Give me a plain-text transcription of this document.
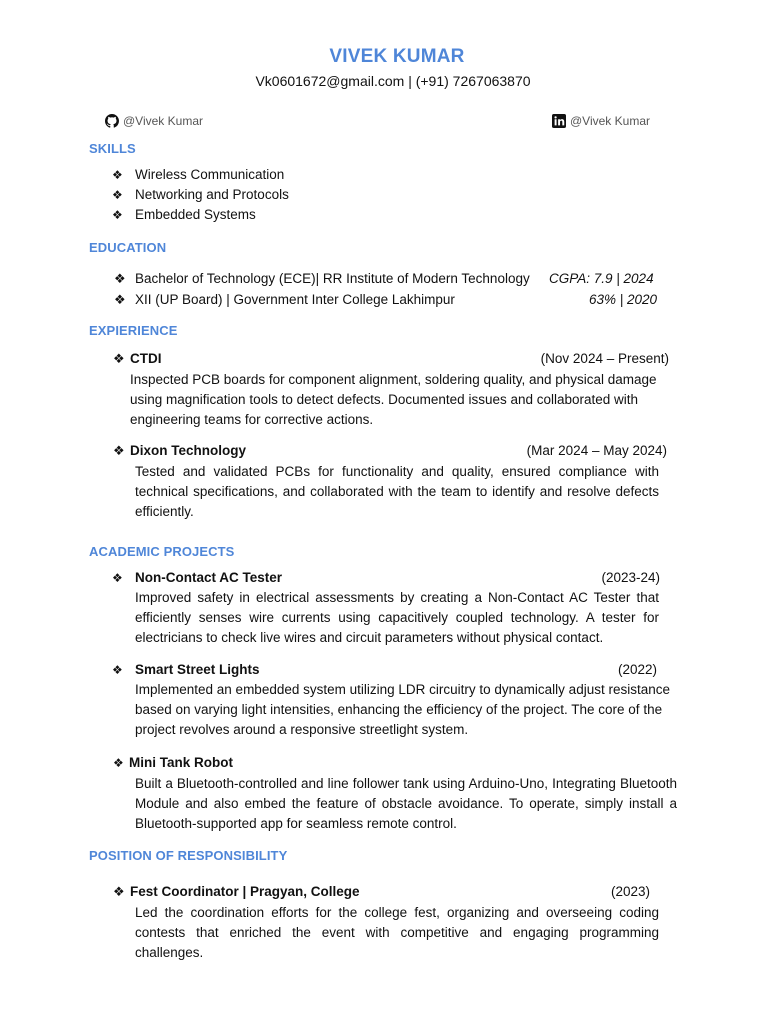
VIVEK KUMAR
Vk0601672@gmail.com | (+91) 7267063870
@Vivek Kumar	@Vivek Kumar
SKILLS
❖ Wireless Communication
❖ Networking and Protocols
❖ Embedded Systems
EDUCATION
❖ Bachelor of Technology (ECE)| RR Institute of Modern Technology CGPA: 7.9 | 2024
❖ XII (UP Board) | Government Inter College Lakhimpur	63% | 2020
EXPIERIENCE
❖ CTDI	(Nov 2024 – Present)
Inspected PCB boards for component alignment, soldering quality, and physical damage using magnification tools to detect defects. Documented issues and collaborated with engineering teams for corrective actions.
❖ Dixon Technology	(Mar 2024 – May 2024)
Tested and validated PCBs for functionality and quality, ensured compliance with technical specifications, and collaborated with the team to identify and resolve defects efficiently.
ACADEMIC PROJECTS
❖ Non-Contact AC Tester	(2023-24)
Improved safety in electrical assessments by creating a Non-Contact AC Tester that efficiently senses wire currents using capacitively coupled technology. A tester for electricians to check live wires and circuit parameters without physical contact.
❖ Smart Street Lights	(2022)
Implemented an embedded system utilizing LDR circuitry to dynamically adjust resistance based on varying light intensities, enhancing the efficiency of the project. The core of the project revolves around a responsive streetlight system.
❖ Mini Tank Robot
Built a Bluetooth-controlled and line follower tank using Arduino-Uno, Integrating Bluetooth Module and also embed the feature of obstacle avoidance. To operate, simply install a Bluetooth-supported app for seamless remote control.
POSITION OF RESPONSIBILITY
❖ Fest Coordinator | Pragyan, College	(2023)
Led the coordination efforts for the college fest, organizing and overseeing coding contests that enriched the event with competitive and engaging programming challenges.
